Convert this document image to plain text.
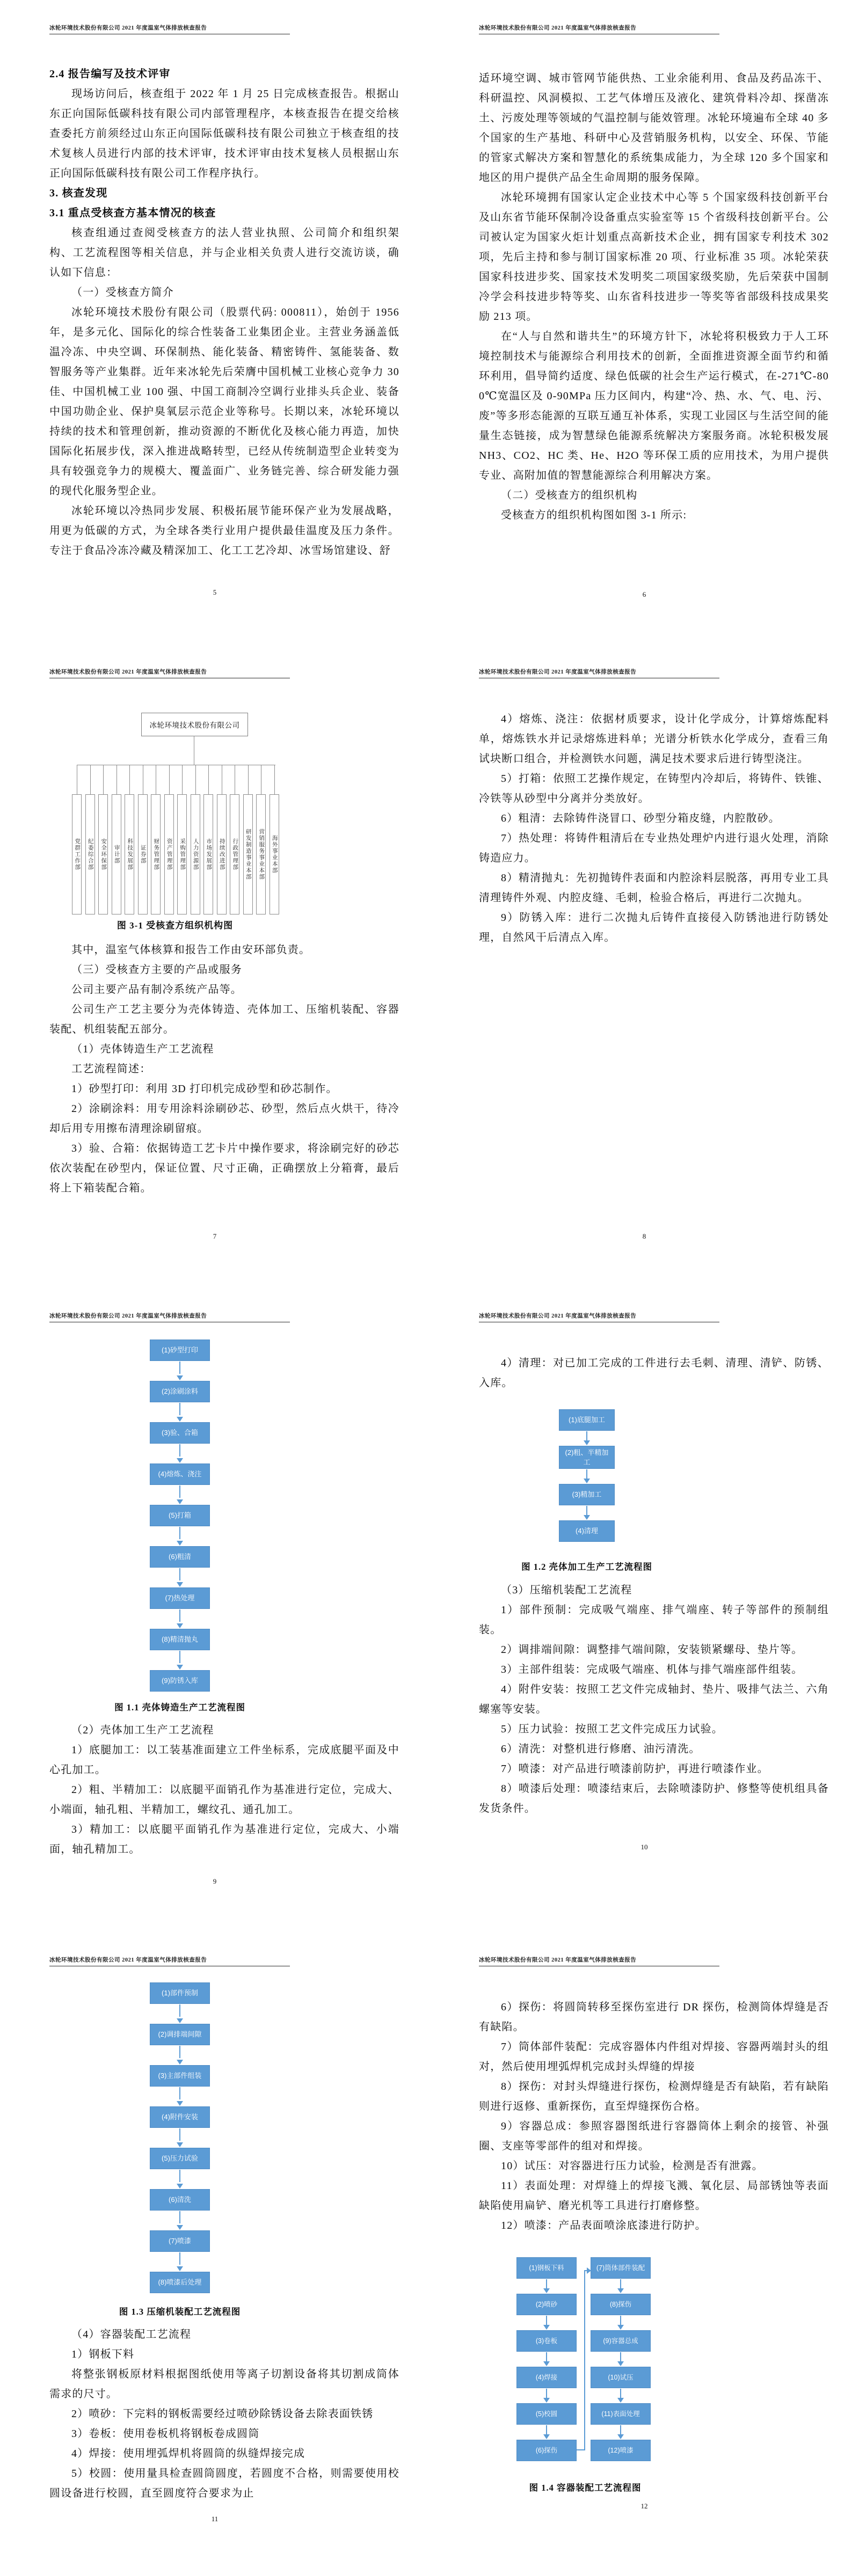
冰轮环境技术股份有限公司 2021 年度温室气体排放核查报告
2.4 报告编写及技术评审
现场访问后，核查组于 2022 年 1 月 25 日完成核查报告。根据山东正向国际低碳科技有限公司内部管理程序，本核查报告在提交给核查委托方前须经过山东正向国际低碳科技有限公司独立于核查组的技术复核人员进行内部的技术评审，技术评审由技术复核人员根据山东正向国际低碳科技有限公司工作程序执行。
3. 核查发现
3.1 重点受核查方基本情况的核查
核查组通过查阅受核查方的法人营业执照、公司简介和组织架构、工艺流程图等相关信息，并与企业相关负责人进行交流访谈，确认如下信息：
（一）受核查方简介
冰轮环境技术股份有限公司（股票代码: 000811），始创于 1956 年，是多元化、国际化的综合性装备工业集团企业。主营业务涵盖低温冷冻、中央空调、环保制热、能化装备、精密铸件、氢能装备、数智服务等产业集群。近年来冰轮先后荣膺中国机械工业核心竞争力 30 佳、中国机械工业 100 强、中国工商制冷空调行业排头兵企业、装备中国功勋企业、保护臭氧层示范企业等称号。长期以来，冰轮环境以持续的技术和管理创新，推动资源的不断优化及核心能力再造，加快国际化拓展步伐，深入推进战略转型，已经从传统制造型企业转变为具有较强竞争力的规模大、覆盖面广、业务链完善、综合研发能力强的现代化服务型企业。
冰轮环境以冷热同步发展、积极拓展节能环保产业为发展战略，用更为低碳的方式，为全球各类行业用户提供最佳温度及压力条件。专注于食品冷冻冷藏及精深加工、化工工艺冷却、冰雪场馆建设、舒
5
冰轮环境技术股份有限公司 2021 年度温室气体排放核查报告
适环境空调、城市管网节能供热、工业余能利用、食品及药品冻干、科研温控、风洞模拟、工艺气体增压及液化、建筑骨料冷却、探凿冻土、污废处理等领域的气温控制与能效管理。冰轮环境遍布全球 40 多个国家的生产基地、科研中心及营销服务机构，以安全、环保、节能的管家式解决方案和智慧化的系统集成能力，为全球 120 多个国家和地区的用户提供产品全生命周期的服务保障。
冰轮环境拥有国家认定企业技术中心等 5 个国家级科技创新平台及山东省节能环保制冷设备重点实验室等 15 个省级科技创新平台。公司被认定为国家火炬计划重点高新技术企业，拥有国家专利技术 302 项，先后主持和参与制订国家标准 20 项、行业标准 35 项。冰轮荣获国家科技进步奖、国家技术发明奖二项国家级奖励，先后荣获中国制冷学会科技进步特等奖、山东省科技进步一等奖等省部级科技成果奖励 213 项。
在“人与自然和谐共生”的环境方针下，冰轮将积极致力于人工环境控制技术与能源综合利用技术的创新，全面推进资源全面节约和循环利用，倡导简约适度、绿色低碳的社会生产运行模式，在-271℃-800℃宽温区及 0-90MPa 压力区间内，构建“冷、热、水、气、电、污、废”等多形态能源的互联互通互补体系，实现工业园区与生活空间的能量生态链接，成为智慧绿色能源系统解决方案服务商。冰轮积极发展 NH3、CO2、HC 类、He、H2O 等环保工质的应用技术，为用户提供专业、高附加值的智慧能源综合利用解决方案。
（二）受核查方的组织机构
受核查方的组织机构图如图 3-1 所示:
6
冰轮环境技术股份有限公司 2021 年度温室气体排放核查报告
冰轮环境技术股份有限公司
党群工作部 纪委综合部 安全环保部 审计部 科技发展部 证券部 财务管理部 资产管理部 采购管理部 人力资源部 市场发展部 持续改进部 行政管理部 研发制造事业本部 营销服务事业本部 海外事业本部
图 3-1 受核查方组织机构图
其中，温室气体核算和报告工作由安环部负责。
（三）受核查方主要的产品或服务
公司主要产品有制冷系统产品等。
公司生产工艺主要分为壳体铸造、壳体加工、压缩机装配、容器装配、机组装配五部分。
（1）壳体铸造生产工艺流程
工艺流程简述：
1）砂型打印：利用 3D 打印机完成砂型和砂芯制作。
2）涂刷涂料：用专用涂料涂刷砂芯、砂型，然后点火烘干，待冷却后用专用擦布清理涂刷留痕。
3）验、合箱：依据铸造工艺卡片中操作要求，将涂刷完好的砂芯依次装配在砂型内，保证位置、尺寸正确，正确摆放上分箱膏，最后将上下箱装配合箱。
7
冰轮环境技术股份有限公司 2021 年度温室气体排放核查报告
4）熔炼、浇注：依据材质要求，设计化学成分，计算熔炼配料单，熔炼铁水并记录熔炼进料单；光谱分析铁水化学成分，查看三角试块断口组合，并检测铁水问题，满足技术要求后进行铸型浇注。
5）打箱：依照工艺操作规定，在铸型内冷却后，将铸件、铁锥、冷铁等从砂型中分离并分类放好。
6）粗清：去除铸件浇冒口、砂型分箱皮缝，内腔散砂。
7）热处理：将铸件粗清后在专业热处理炉内进行退火处理，消除铸造应力。
8）精清抛丸：先初抛铸件表面和内腔涂料层脱落，再用专业工具清理铸件外观、内腔皮缝、毛刺，检验合格后，再进行二次抛丸。
9）防锈入库：进行二次抛丸后铸件直接侵入防锈池进行防锈处理，自然风干后清点入库。
8
冰轮环境技术股份有限公司 2021 年度温室气体排放核查报告
(1)砂型打印
(2)涂刷涂料
(3)验、合箱
(4)熔炼、浇注
(5)打箱
(6)粗清
(7)热处理
(8)精清抛丸
(9)防锈入库
图 1.1 壳体铸造生产工艺流程图
（2）壳体加工生产工艺流程
1）底腿加工：以工装基准面建立工件坐标系，完成底腿平面及中心孔加工。
2）粗、半精加工：以底腿平面销孔作为基准进行定位，完成大、小端面，轴孔粗、半精加工，螺纹孔、通孔加工。
3）精加工：以底腿平面销孔作为基准进行定位，完成大、小端面，轴孔精加工。
9
冰轮环境技术股份有限公司 2021 年度温室气体排放核查报告
4）清理：对已加工完成的工件进行去毛刺、清理、清铲、防锈、入库。
(1)底腿加工
(2)粗、半精加工
(3)精加工
(4)清理
图 1.2 壳体加工生产工艺流程图
（3）压缩机装配工艺流程
1）部件预制：完成吸气端座、排气端座、转子等部件的预制组装。
2）调排端间隙：调整排气端间隙，安装锁紧螺母、垫片等。
3）主部件组装：完成吸气端座、机体与排气端座部件组装。
4）附件安装：按照工艺文件完成轴封、垫片、吸排气法兰、六角螺塞等安装。
5）压力试验：按照工艺文件完成压力试验。
6）清洗：对整机进行修磨、油污清洗。
7）喷漆：对产品进行喷漆前防护，再进行喷漆作业。
8）喷漆后处理：喷漆结束后，去除喷漆防护、修整等使机组具备发货条件。
10
冰轮环境技术股份有限公司 2021 年度温室气体排放核查报告
(1)部件预制
(2)调排端间隙
(3)主部件组装
(4)附件安装
(5)压力试验
(6)清洗
(7)喷漆
(8)喷漆后处理
图 1.3 压缩机装配工艺流程图
（4）容器装配工艺流程
1）钢板下料
将整张钢板原材料根据图纸使用等离子切割设备将其切割成筒体需求的尺寸。
2）喷砂：下完料的钢板需要经过喷砂除锈设备去除表面铁锈
3）卷板：使用卷板机将钢板卷成圆筒
4）焊接：使用埋弧焊机将圆筒的纵缝焊接完成
5）校圆：使用量具检查圆筒圆度，若圆度不合格，则需要使用校圆设备进行校圆，直至圆度符合要求为止
11
冰轮环境技术股份有限公司 2021 年度温室气体排放核查报告
6）探伤：将圆筒转移至探伤室进行 DR 探伤，检测筒体焊缝是否有缺陷。
7）筒体部件装配：完成容器体内件组对焊接、容器两端封头的组对，然后使用埋弧焊机完成封头焊缝的焊接
8）探伤：对封头焊缝进行探伤，检测焊缝是否有缺陷，若有缺陷则进行返修、重新探伤，直至焊缝探伤合格。
9）容器总成：参照容器图纸进行容器筒体上剩余的接管、补强圈、支座等零部件的组对和焊接。
10）试压：对容器进行压力试验，检测是否有泄露。
11）表面处理：对焊缝上的焊接飞溅、氧化层、局部锈蚀等表面缺陷使用扁铲、磨光机等工具进行打磨修整。
12）喷漆：产品表面喷涂底漆进行防护。
(1)钢板下料
(2)喷砂
(3)卷板
(4)焊接
(5)校圆
(6)探伤
(7)筒体部件装配
(8)探伤
(9)容器总成
(10)试压
(11)表面处理
(12)喷漆
图 1.4 容器装配工艺流程图
12
